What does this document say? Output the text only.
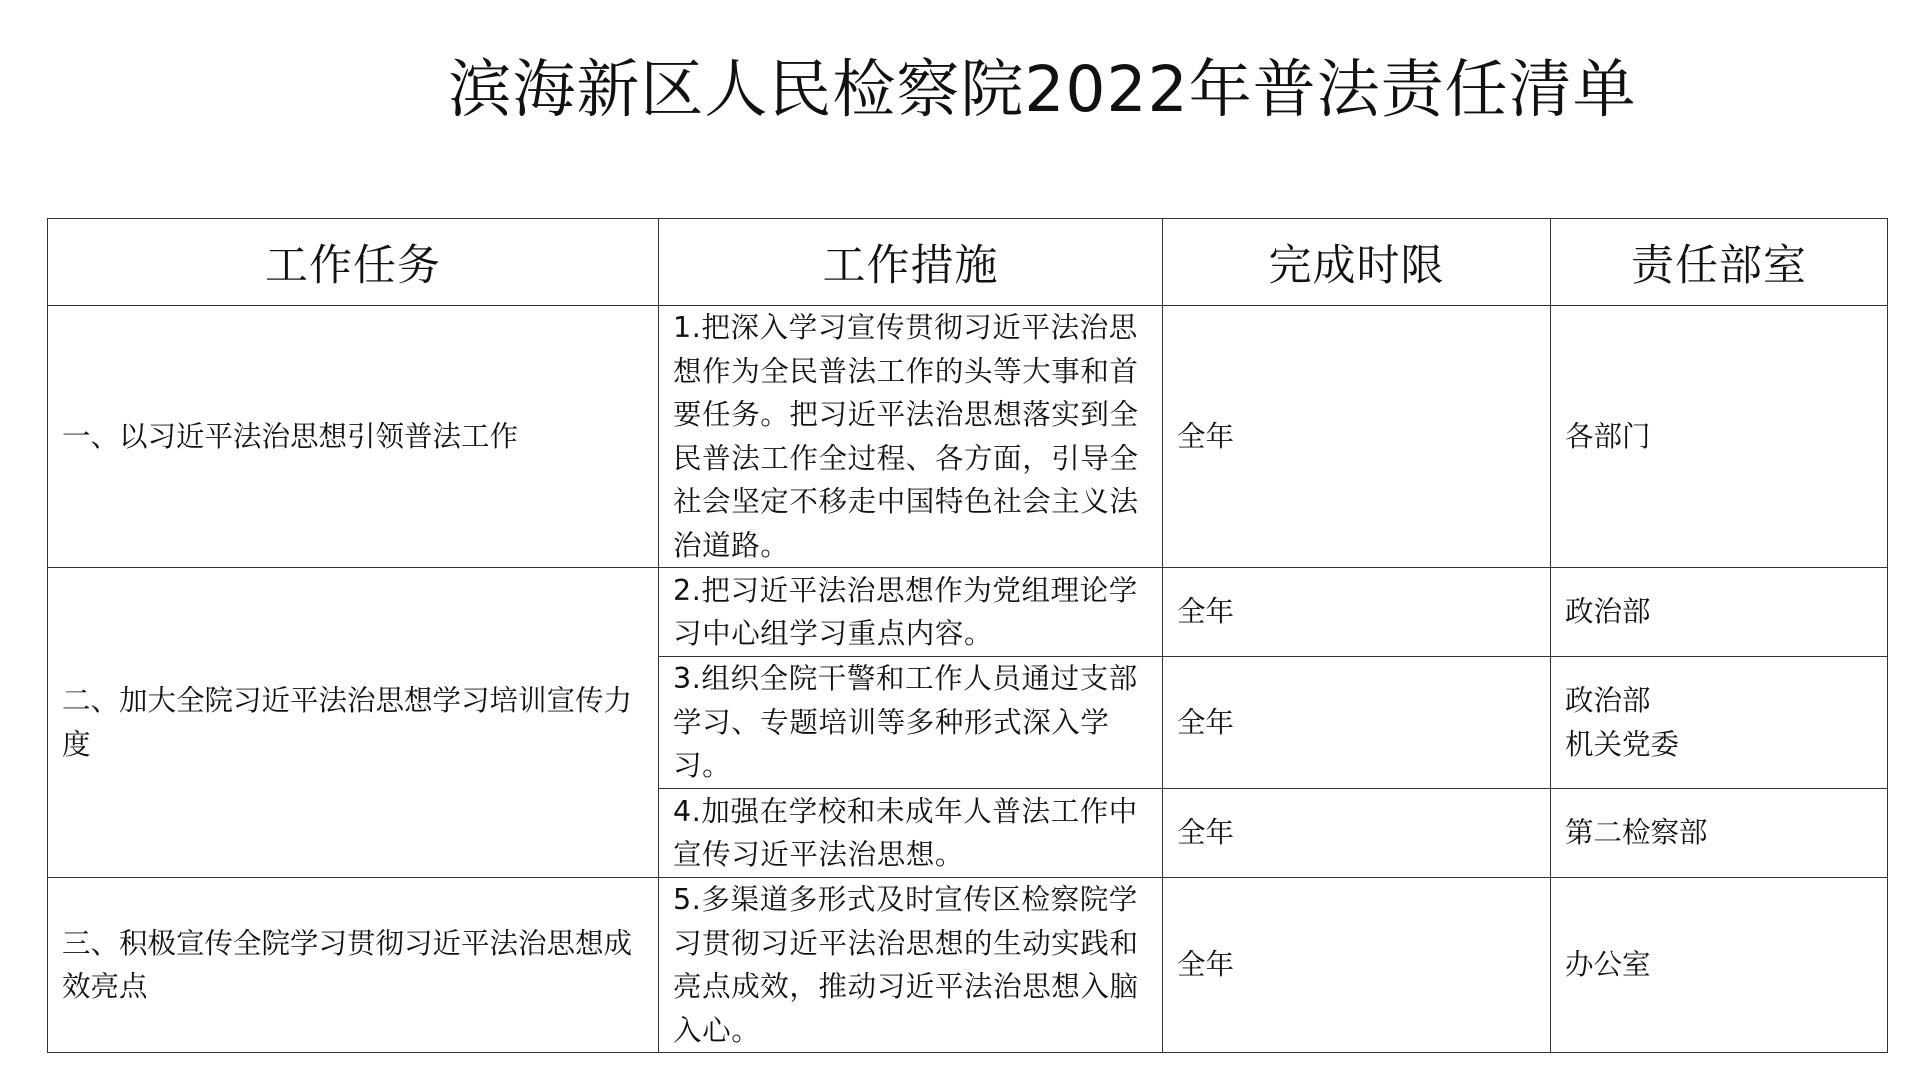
滨海新区人民检察院2022年普法责任清单
工作任务	工作措施	完成时限	责任部室
一、以习近平法治思想引领普法工作	1.把深入学习宣传贯彻习近平法治思想作为全民普法工作的头等大事和首要任务。把习近平法治思想落实到全民普法工作全过程、各方面，引导全社会坚定不移走中国特色社会主义法治道路。	全年	各部门

二、加大全院习近平法治思想学习培训宣传力度	2.把习近平法治思想作为党组理论学习中心组学习重点内容。	全年	政治部

	3.组织全院干警和工作人员通过支部学习、专题培训等多种形式深入学习。	全年	政治部
机关党委

	4.加强在学校和未成年人普法工作中宣传习近平法治思想。	全年	第二检察部

三、积极宣传全院学习贯彻习近平法治思想成效亮点	5.多渠道多形式及时宣传区检察院学习贯彻习近平法治思想的生动实践和亮点成效，推动习近平法治思想入脑入心。	全年	办公室
